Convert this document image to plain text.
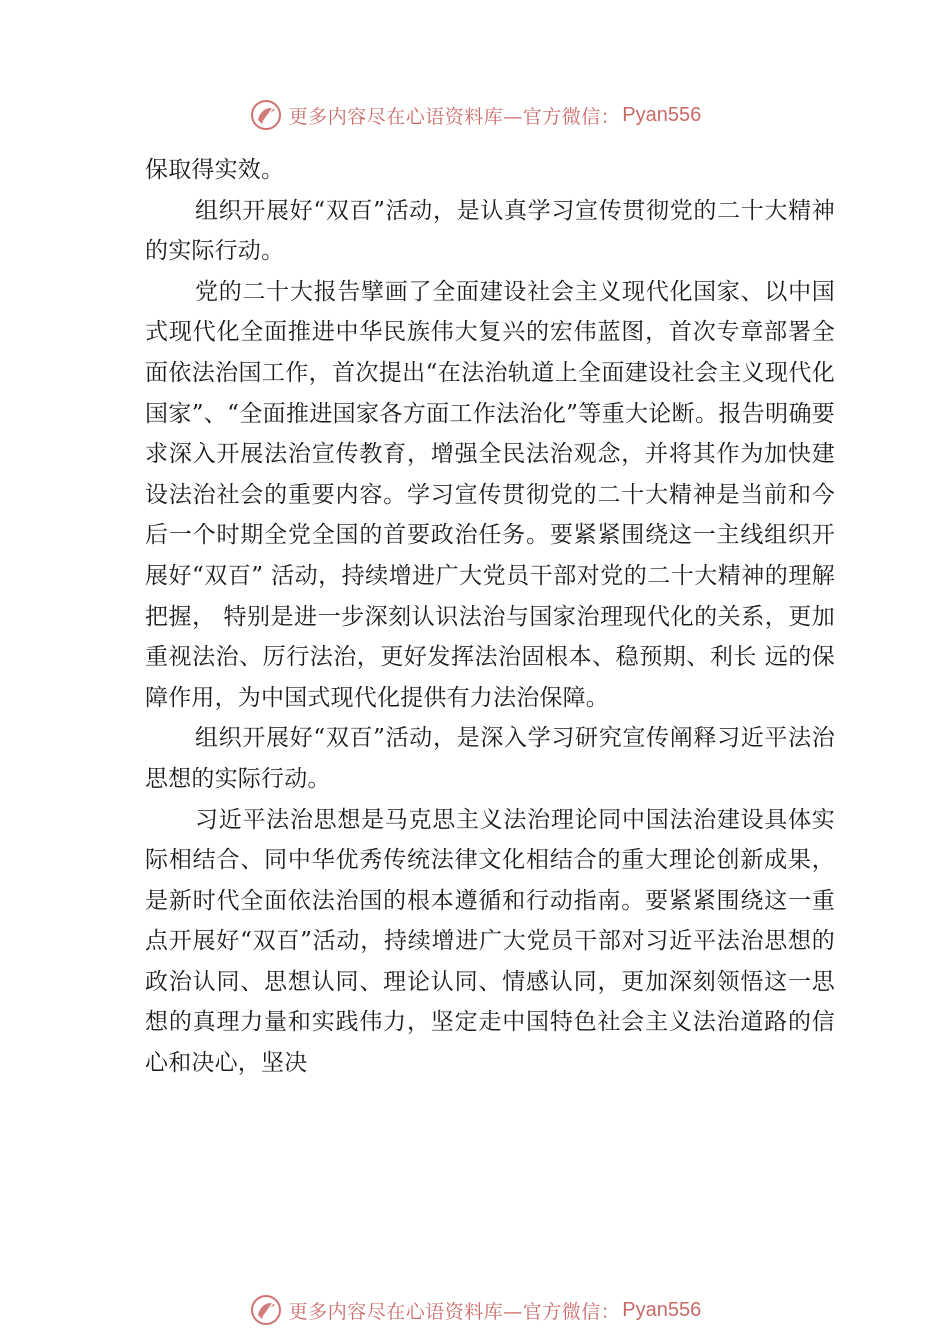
更多内容尽在心语资料库—官方微信： Pyan556

保取得实效。

组织开展好“双百”活动，是认真学习宣传贯彻党的二十大精神的实际行动。

党的二十大报告擘画了全面建设社会主义现代化国家、以中国式现代化全面推进中华民族伟大复兴的宏伟蓝图，首次专章部署全面依法治国工作，首次提出“在法治轨道上全面建设社会主义现代化国家”、“全面推进国家各方面工作法治化”等重大论断。报告明确要求深入开展法治宣传教育，增强全民法治观念，并将其作为加快建设法治社会的重要内容。学习宣传贯彻党的二十大精神是当前和今后一个时期全党全国的首要政治任务。要紧紧围绕这一主线组织开展好“双百” 活动，持续增进广大党员干部对党的二十大精神的理解把握， 特别是进一步深刻认识法治与国家治理现代化的关系，更加 重视法治、厉行法治，更好发挥法治固根本、稳预期、利长 远的保障作用，为中国式现代化提供有力法治保障。

组织开展好“双百”活动，是深入学习研究宣传阐释习近平法治思想的实际行动。

习近平法治思想是马克思主义法治理论同中国法治建设具体实际相结合、同中华优秀传统法律文化相结合的重大理论创新成果，是新时代全面依法治国的根本遵循和行动指南。要紧紧围绕这一重点开展好“双百”活动，持续增进广大党员干部对习近平法治思想的政治认同、思想认同、理论认同、情感认同，更加深刻领悟这一思想的真理力量和实践伟力，坚定走中国特色社会主义法治道路的信心和决心，坚决

更多内容尽在心语资料库—官方微信： Pyan556
